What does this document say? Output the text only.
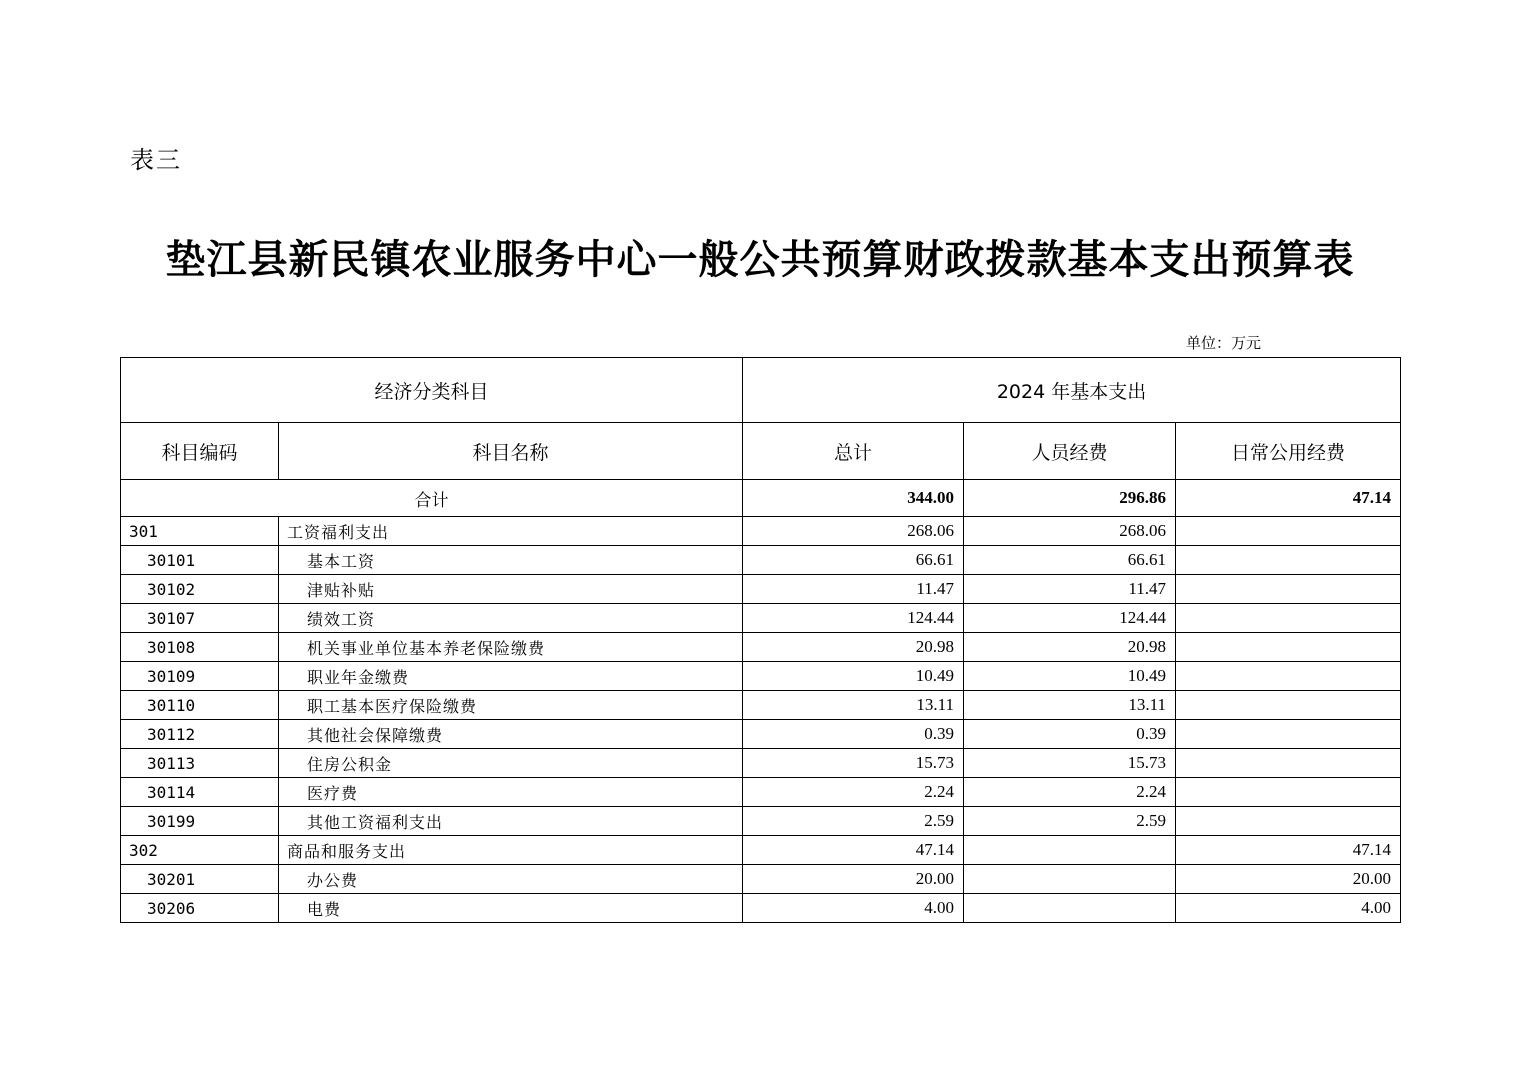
表三
垫江县新民镇农业服务中心一般公共预算财政拨款基本支出预算表
单位：万元
经济分类科目		2024 年基本支出		
科目编码	科目名称	总计	人员经费	日常公用经费
合计		344.00	296.86	47.14
301	工资福利支出	268.06	268.06	
30101	基本工资	66.61	66.61	
30102	津贴补贴	11.47	11.47	
30107	绩效工资	124.44	124.44	
30108	机关事业单位基本养老保险缴费	20.98	20.98	
30109	职业年金缴费	10.49	10.49	
30110	职工基本医疗保险缴费	13.11	13.11	
30112	其他社会保障缴费	0.39	0.39	
30113	住房公积金	15.73	15.73	
30114	医疗费	2.24	2.24	
30199	其他工资福利支出	2.59	2.59	
302	商品和服务支出	47.14		47.14
30201	办公费	20.00		20.00
30206	电费	4.00		4.00
